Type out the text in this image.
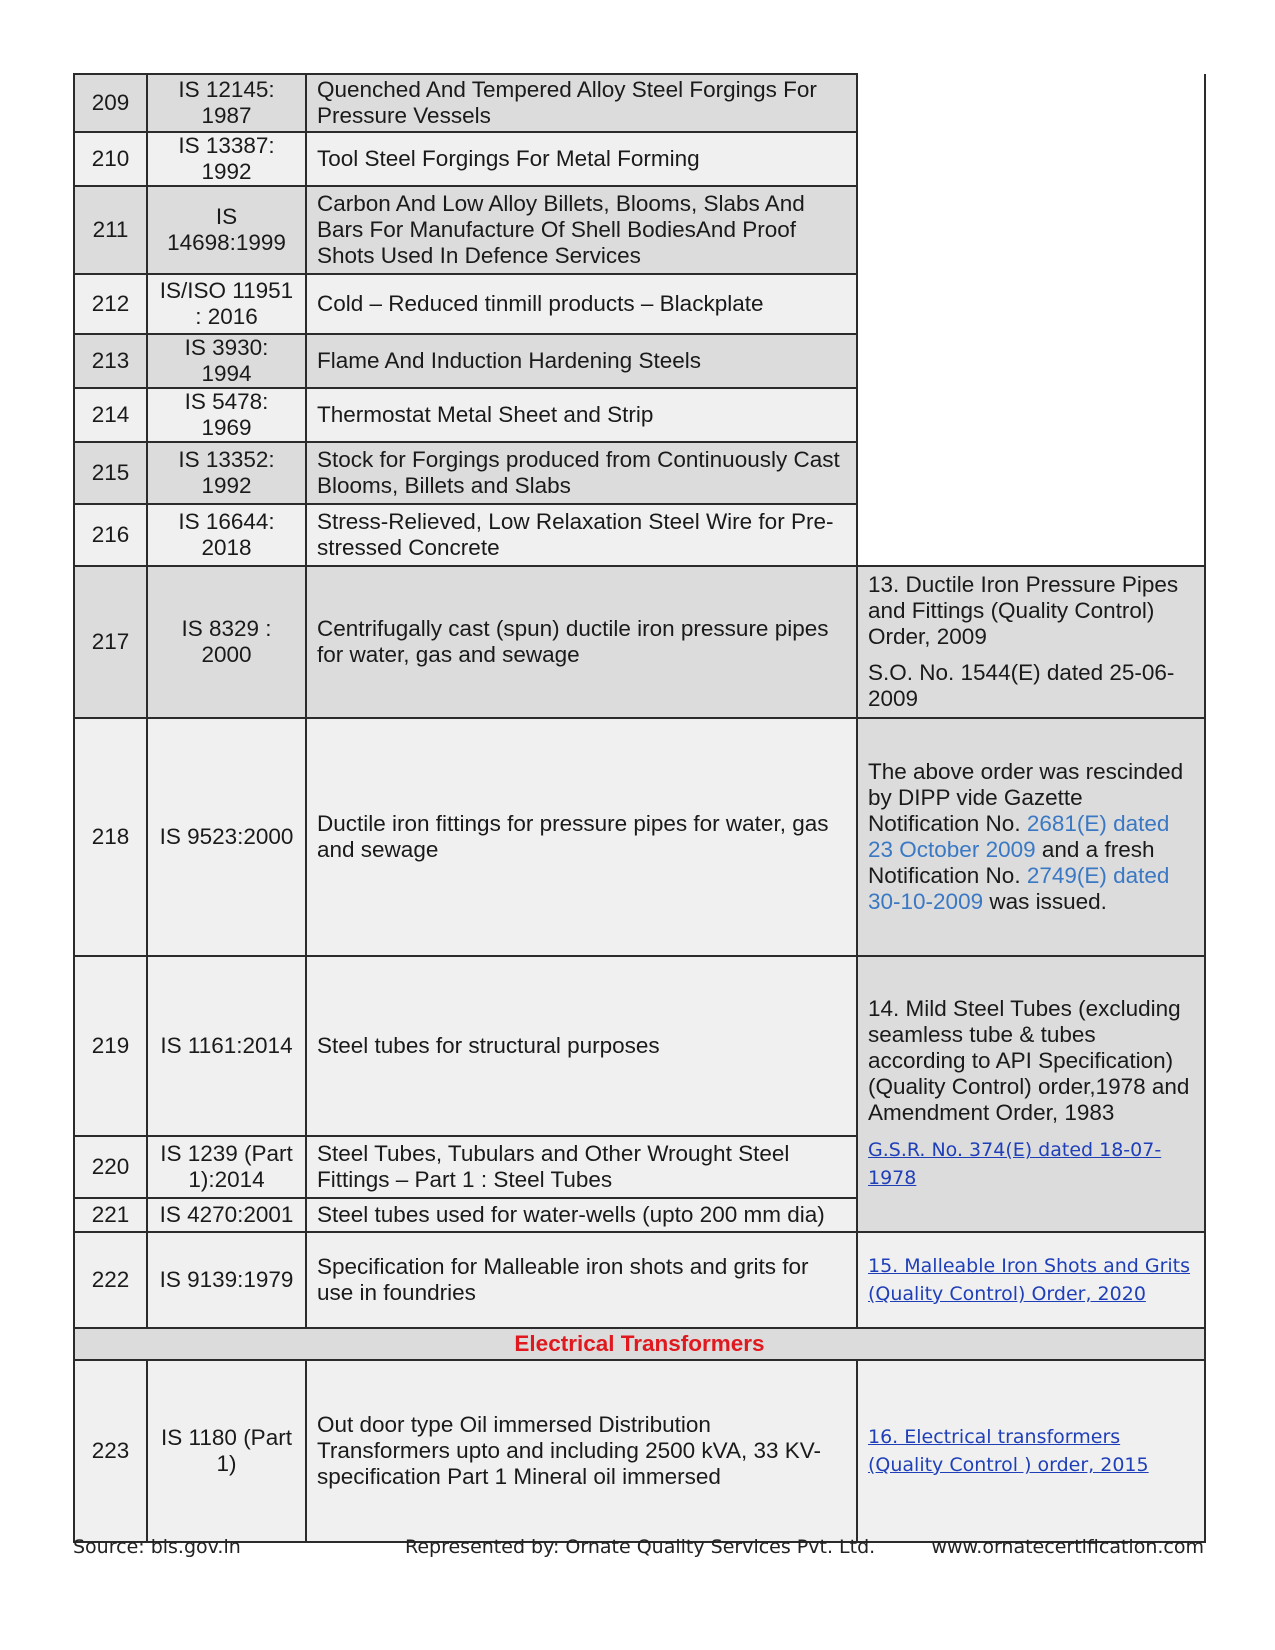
209	IS 12145: 1987	Quenched And Tempered Alloy Steel Forgings For Pressure Vessels	
210	IS 13387: 1992	Tool Steel Forgings For Metal Forming	
211	IS 14698:1999	Carbon And Low Alloy Billets, Blooms, Slabs And Bars For Manufacture Of Shell BodiesAnd Proof Shots Used In Defence Services	
212	IS/ISO 11951 : 2016	Cold – Reduced tinmill products – Blackplate	
213	IS 3930: 1994	Flame And Induction Hardening Steels	
214	IS 5478: 1969	Thermostat Metal Sheet and Strip	
215	IS 13352: 1992	Stock for Forgings produced from Continuously Cast Blooms, Billets and Slabs	
216	IS 16644: 2018	Stress-Relieved, Low Relaxation Steel Wire for Pre-stressed Concrete	
217	IS 8329 : 2000	Centrifugally cast (spun) ductile iron pressure pipes for water, gas and sewage	13. Ductile Iron Pressure Pipes and Fittings (Quality Control) Order, 2009

S.O. No. 1544(E) dated 25-06-2009

218	IS 9523:2000	Ductile iron fittings for pressure pipes for water, gas and sewage	The above order was rescinded by DIPP vide Gazette Notification No. 2681(E) dated 23 October 2009 and a fresh Notification No. 2749(E) dated 30-10-2009 was issued.
219	IS 1161:2014	Steel tubes for structural purposes	14. Mild Steel Tubes (excluding seamless tube & tubes according to API Specification) (Quality Control) order,1978 and Amendment Order, 1983

G.S.R. No. 374(E) dated 18-07-1978

220	IS 1239 (Part 1):2014	Steel Tubes, Tubulars and Other Wrought Steel Fittings – Part 1 : Steel Tubes	
221	IS 4270:2001	Steel tubes used for water-wells (upto 200 mm dia)	
222	IS 9139:1979	Specification for Malleable iron shots and grits for use in foundries	15. Malleable Iron Shots and Grits (Quality Control) Order, 2020
Electrical Transformers			
223	IS 1180 (Part 1)	Out door type Oil immersed Distribution Transformers upto and including 2500 kVA, 33 KV-specification Part 1 Mineral oil immersed	16. Electrical transformers (Quality Control ) order, 2015
Source: bis.gov.in	Represented by: Ornate Quality Services Pvt. Ltd.	www.ornatecertification.com
